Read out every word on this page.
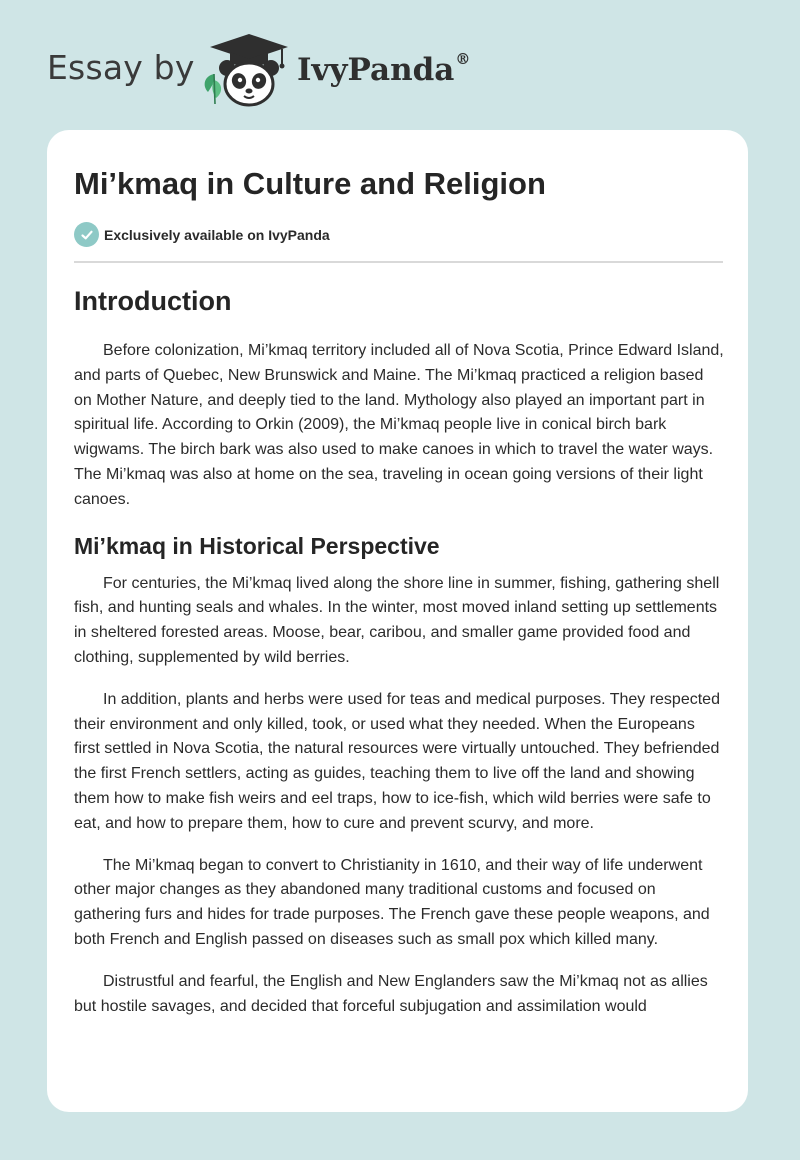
Essay by	IvyPanda®
Mi’kmaq in Culture and Religion
Exclusively available on IvyPanda
Introduction

Before colonization, Mi’kmaq territory included all of Nova Scotia, Prince Edward Island, and parts of Quebec, New Brunswick and Maine. The Mi’kmaq practiced a religion based on Mother Nature, and deeply tied to the land. Mythology also played an important part in spiritual life. According to Orkin (2009), the Mi’kmaq people live in conical birch bark wigwams. The birch bark was also used to make canoes in which to travel the water ways. The Mi’kmaq was also at home on the sea, traveling in ocean going versions of their light canoes.

Mi’kmaq in Historical Perspective

For centuries, the Mi’kmaq lived along the shore line in summer, fishing, gathering shell fish, and hunting seals and whales. In the winter, most moved inland setting up settlements in sheltered forested areas. Moose, bear, caribou, and smaller game provided food and clothing, supplemented by wild berries.

In addition, plants and herbs were used for teas and medical purposes. They respected their environment and only killed, took, or used what they needed. When the Europeans first settled in Nova Scotia, the natural resources were virtually untouched. They befriended the first French settlers, acting as guides, teaching them to live off the land and showing them how to make fish weirs and eel traps, how to ice-fish, which wild berries were safe to eat, and how to prepare them, how to cure and prevent scurvy, and more.

The Mi’kmaq began to convert to Christianity in 1610, and their way of life underwent other major changes as they abandoned many traditional customs and focused on gathering furs and hides for trade purposes. The French gave these people weapons, and both French and English passed on diseases such as small pox which killed many.

Distrustful and fearful, the English and New Englanders saw the Mi’kmaq not as allies but hostile savages, and decided that forceful subjugation and assimilation would
